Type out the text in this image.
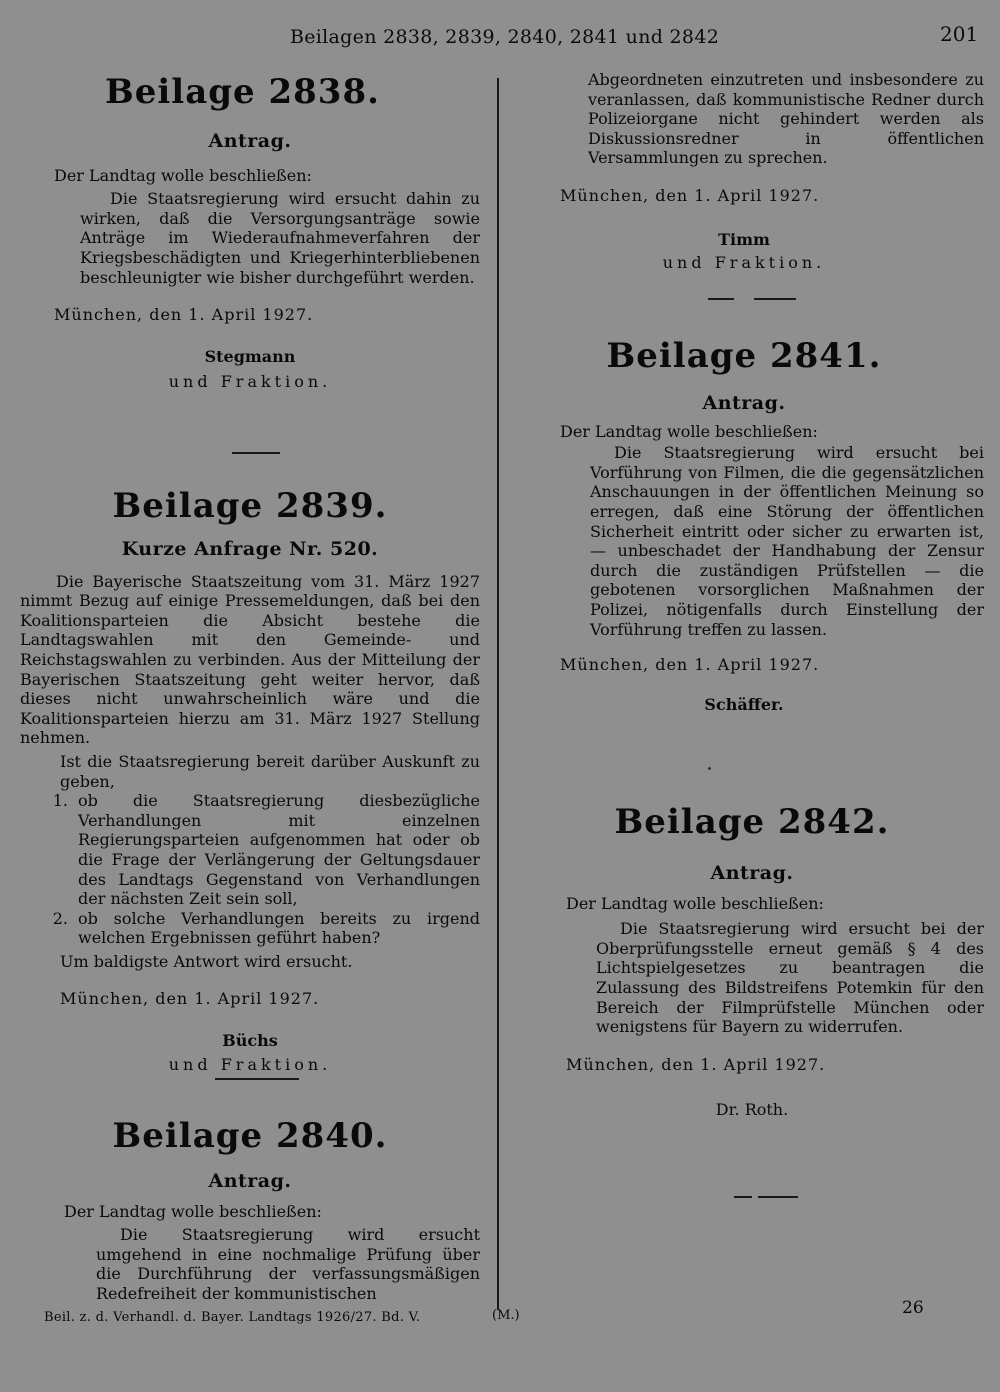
Beilagen 2838, 2839, 2840, 2841 und 2842	201
Beilage 2838.
Antrag.

Der Landtag wolle beschließen:

Die Staatsregierung wird ersucht dahin zu wirken, daß die Versorgungsanträge sowie Anträge im Wiederaufnahmeverfahren der Kriegsbeschädigten und Kriegerhinterbliebenen beschleunigter wie bisher durchgeführt werden.

München, den 1. April 1927.

Stegmann
und Fraktion.
Beilage 2839.
Kurze Anfrage Nr. 520.

Die Bayerische Staatszeitung vom 31. März 1927 nimmt Bezug auf einige Pressemeldungen, daß bei den Koalitionsparteien die Absicht bestehe die Landtagswahlen mit den Gemeinde- und Reichstagswahlen zu verbinden. Aus der Mitteilung der Bayerischen Staatszeitung geht weiter hervor, daß dieses nicht unwahrscheinlich wäre und die Koalitionsparteien hierzu am 31. März 1927 Stellung nehmen.

Ist die Staatsregierung bereit darüber Auskunft zu geben,

1. ob die Staatsregierung diesbezügliche Verhandlungen mit einzelnen Regierungsparteien aufgenommen hat oder ob die Frage der Verlängerung der Geltungsdauer des Landtags Gegenstand von Verhandlungen der nächsten Zeit sein soll,
2. ob solche Verhandlungen bereits zu irgend welchen Ergebnissen geführt haben?

Um baldigste Antwort wird ersucht.

München, den 1. April 1927.

Büchs
und Fraktion.
Beilage 2840.
Antrag.

Der Landtag wolle beschließen:

Die Staatsregierung wird ersucht umgehend in eine nochmalige Prüfung über die Durchführung der verfassungsmäßigen Redefreiheit der kommunistischen

Abgeordneten einzutreten und insbesondere zu veranlassen, daß kommunistische Redner durch Polizeiorgane nicht gehindert werden als Diskussionsredner in öffentlichen Versammlungen zu sprechen.

München, den 1. April 1927.

Timm
und Fraktion.
Beilage 2841.
Antrag.

Der Landtag wolle beschließen:

Die Staatsregierung wird ersucht bei Vorführung von Filmen, die die gegensätzlichen Anschauungen in der öffentlichen Meinung so erregen, daß eine Störung der öffentlichen Sicherheit eintritt oder sicher zu erwarten ist, — unbeschadet der Handhabung der Zensur durch die zuständigen Prüfstellen — die gebotenen vorsorglichen Maßnahmen der Polizei, nötigenfalls durch Einstellung der Vorführung treffen zu lassen.

München, den 1. April 1927.

Schäffer.
Beilage 2842.
Antrag.

Der Landtag wolle beschließen:

Die Staatsregierung wird ersucht bei der Oberprüfungsstelle erneut gemäß § 4 des Lichtspielgesetzes zu beantragen die Zulassung des Bildstreifens Potemkin für den Bereich der Filmprüfstelle München oder wenigstens für Bayern zu widerrufen.

München, den 1. April 1927.

Dr. Roth.
Beil. z. d. Verhandl. d. Bayer. Landtags 1926/27. Bd. V.	(M.)	26
